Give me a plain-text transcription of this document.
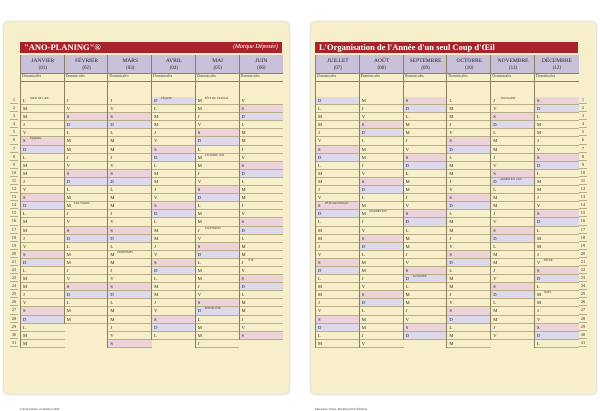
"ANO-PLANING"®	(Marque Déposée)
1
2
3
4
5
6
7
8
9
10
11
12
13
14
15
16
17
18
19
20
21
22
23
24
25
26
27
28
29
30
31
JANVIER
(01)
Dominicales
L JOUR DE L'AN
M
M
J
V
S Épiphanie
D
L
M
M
J
V
S
D
L
M
M
J
V
S
D
L
M
M
J
V
S
D
L
M
M
FÉVRIER
(02)
Dominicales
J
V
S
D
L
M
M
J
V
S
D
L
M
M Saint Valentin
J
V
S
D
L
M
M
J
V
S
D
L
M
M
MARS
(03)
Dominicales
J
V
S
D
L
M
M
J
V
S
D
L
M
M
J
V
S
D
L
M PRINTEMPS
M
J
V
S
D
L
M
M
J
V
S
AVRIL
(04)
Dominicales
D PÂQUES
L
M
M
J
V
S
D
L
M
M
J
V
S
D
L
M
M
J
V
S
D
L
M
M
J
V
S
D
L
MAI
(05)
Dominicales
M FÊTE DU TRAVAIL
M
J
V
S
D
L
M VICTOIRE 1945
M
J
V
S
D
L
M
M
J ASCENSION
V
S
D
L
M
M
J
V
S
D PENTECÔTE
L
M
M
J
JUIN
(06)
Dominicales
V
S
D
L
M
M
J
V
S
D
L
M
M
J
V
S
D
L
M
M
J ÉTÉ
V
S
D
L
M
M
J
V
S
Calcul lunaire ou lunaire GMT
L'Organisation de l'Année d'un seul Coup d'Œil
1
2
3
4
5
6
7
8
9
10
11
12
13
14
15
16
17
18
19
20
21
22
23
24
25
26
27
28
29
30
31
JUILLET
(07)
Dominicales
D
L
M
M
J
V
S
D
L
M
M
J
V
S FÊTE NATIONALE
D
L
M
M
J
V
S
D
L
M
M
J
V
S
D
L
M
AOÛT
(08)
Dominicales
M
J
V
S
D
L
M
M
J
V
S
D
L
M
M ASSOMPTION
J
V
S
D
L
M
M
J
V
S
D
L
M
M
J
V
SEPTEMBRE
(09)
Dominicales
S
D
L
M
M
J
V
S
D
L
M
M
J
V
S
D
L
M
M
J
V
S
D AUTOMNE
L
M
M
J
V
S
D
OCTOBRE
(10)
Dominicales
L
M
M
J
V
S
D
L
M
M
J
V
S
D
L
M
M
J
V
S
D
L
M
M
J
V
S
D
L
M
M
NOVEMBRE
(11)
Dominicales
J TOUSSAINT
V
S
D
L
M
M
J
V
S
D ARMISTICE 1918
L
M
M
J
V
S
D
L
M
M
J
V
S
D
L
M
M
J
V
DÉCEMBRE
(12)
Dominicales
S
D
L
M
M
J
V
S
D
L
M
M
J
V
S
D
L
M
M
J
V HIVER
S
D
L
M NOËL
M
J
V
S
D
L
Marquées, Plans, Modèles D'Or Éditions
